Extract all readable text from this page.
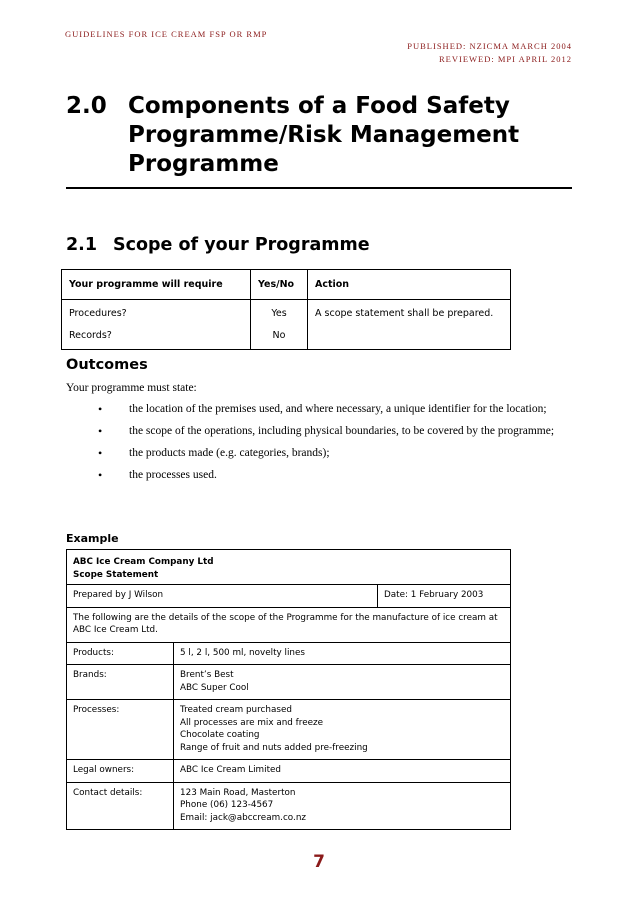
GUIDELINES FOR ICE CREAM FSP OR RMP
PUBLISHED: NZICMA MARCH 2004
REVIEWED: MPI APRIL 2012
2.0 Components of a Food Safety Programme/Risk Management Programme
2.1 Scope of your Programme
Your programme will require	Yes/No	Action
Procedures?	Yes	A scope statement shall be prepared.
Records?	No	
Outcomes
Your programme must state:
• the location of the premises used, and where necessary, a unique identifier for the location;
• the scope of the operations, including physical boundaries, to be covered by the programme;
• the products made (e.g. categories, brands);
• the processes used.
Example
ABC Ice Cream Company Ltd
Scope Statement		

Prepared by J Wilson		Date: 1 February 2003
The following are the details of the scope of the Programme for the manufacture of ice cream at ABC Ice Cream Ltd.		
Products:	5 l, 2 l, 500 ml, novelty lines	

Brands:	Brent’s Best
ABC Super Cool	

Processes:	Treated cream purchased
All processes are mix and freeze
Chocolate coating
Range of fruit and nuts added pre-freezing	

Legal owners:	ABC Ice Cream Limited	

Contact details:	123 Main Road, Masterton
Phone (06) 123-4567
Email: jack@abccream.co.nz	
7
